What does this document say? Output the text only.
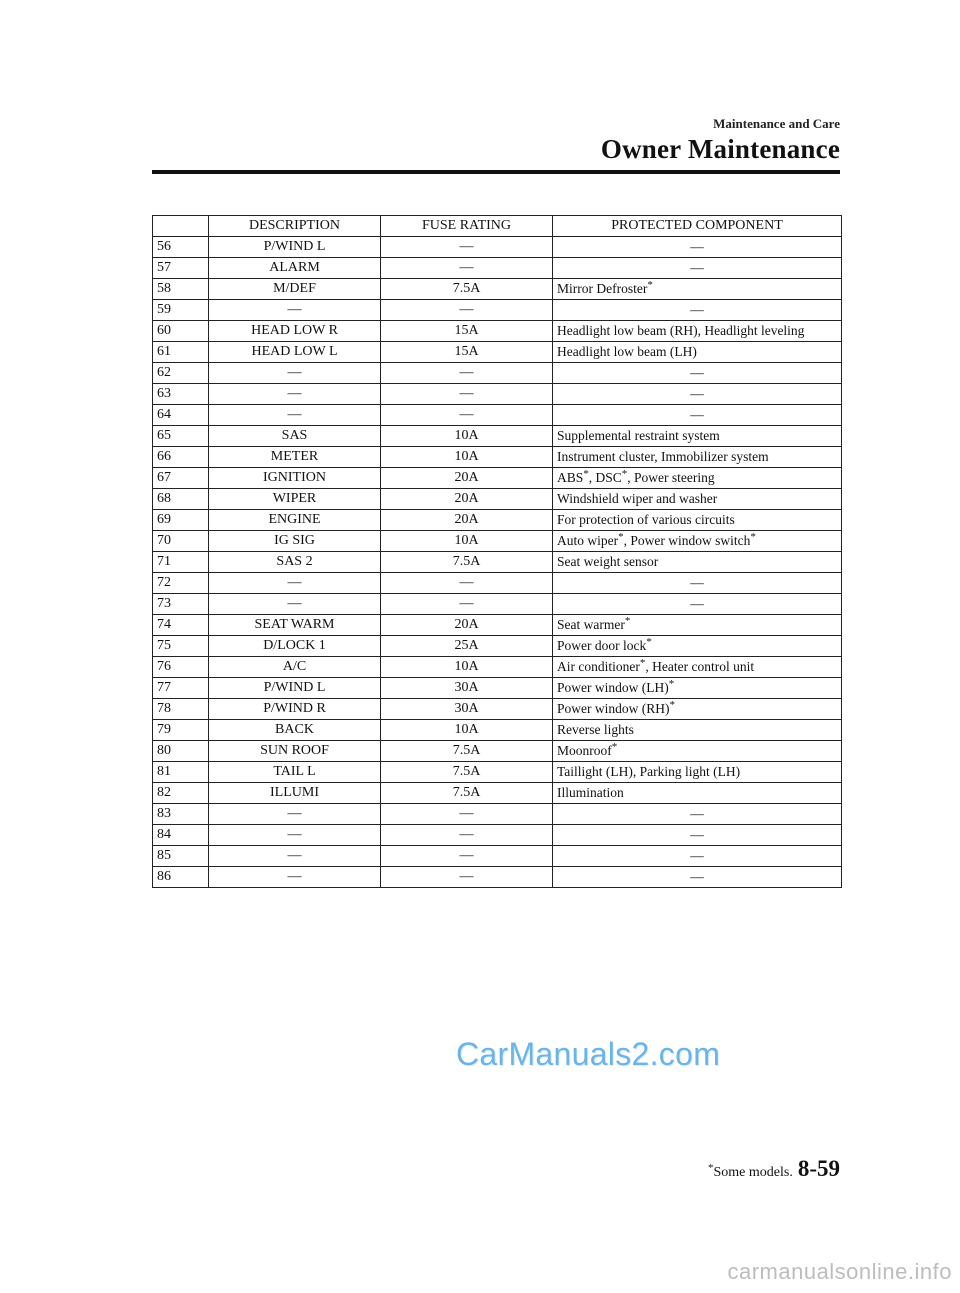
Maintenance and Care
Owner Maintenance
	DESCRIPTION	FUSE RATING	PROTECTED COMPONENT
56	P/WIND L	―	―
57	ALARM	―	―
58	M/DEF	7.5A	Mirror Defroster*
59	―	―	―
60	HEAD LOW R	15A	Headlight low beam (RH), Headlight leveling
61	HEAD LOW L	15A	Headlight low beam (LH)
62	―	―	―
63	―	―	―
64	―	―	―
65	SAS	10A	Supplemental restraint system
66	METER	10A	Instrument cluster, Immobilizer system
67	IGNITION	20A	ABS*, DSC*, Power steering
68	WIPER	20A	Windshield wiper and washer
69	ENGINE	20A	For protection of various circuits
70	IG SIG	10A	Auto wiper*, Power window switch*
71	SAS 2	7.5A	Seat weight sensor
72	―	―	―
73	―	―	―
74	SEAT WARM	20A	Seat warmer*
75	D/LOCK 1	25A	Power door lock*
76	A/C	10A	Air conditioner*, Heater control unit
77	P/WIND L	30A	Power window (LH)*
78	P/WIND R	30A	Power window (RH)*
79	BACK	10A	Reverse lights
80	SUN ROOF	7.5A	Moonroof*
81	TAIL L	7.5A	Taillight (LH), Parking light (LH)
82	ILLUMI	7.5A	Illumination
83	―	―	―
84	―	―	―
85	―	―	―
86	―	―	―
CarManuals2.com
*Some models. 8-59
carmanualsonline.info
